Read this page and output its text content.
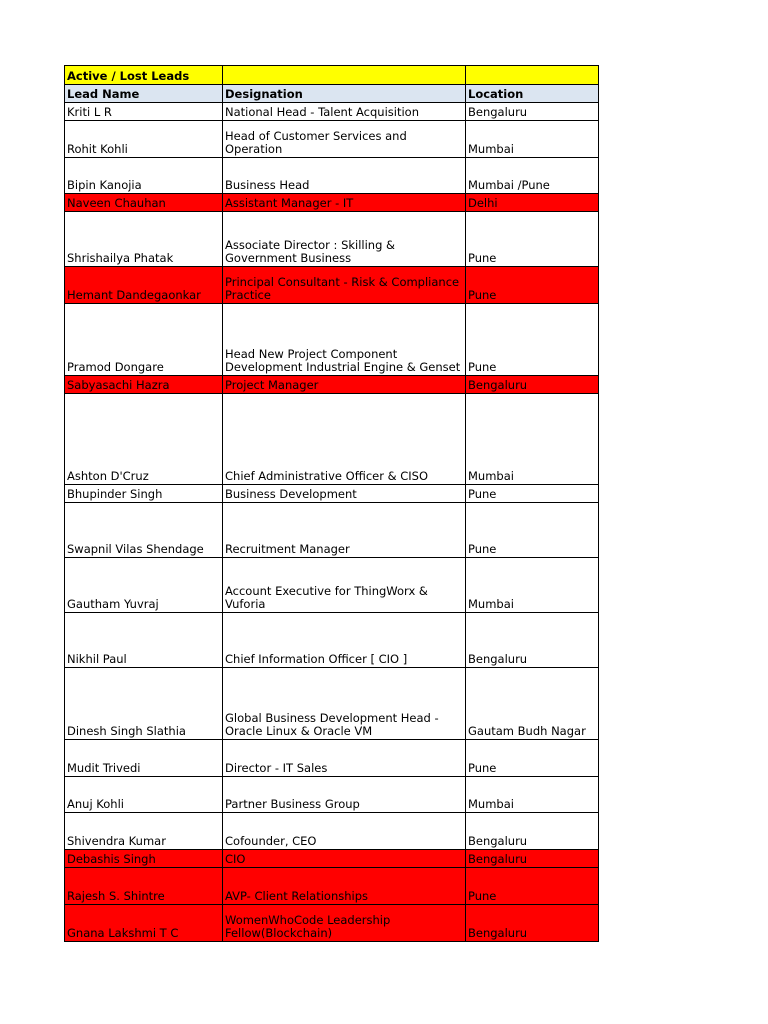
Active / Lost Leads		
Lead Name	Designation	Location
Kriti L R	National Head - Talent Acquisition	Bengaluru
Rohit Kohli	Head of Customer Services and Operation	Mumbai
Bipin Kanojia	Business Head	Mumbai /Pune
Naveen Chauhan	Assistant Manager - IT	Delhi
Shrishailya Phatak	Associate Director : Skilling & Government Business	Pune
Hemant Dandegaonkar	Principal Consultant - Risk & Compliance Practice	Pune
Pramod Dongare	Head New Project Component Development Industrial Engine & Genset	Pune
Sabyasachi Hazra	Project Manager	Bengaluru
Ashton D'Cruz	Chief Administrative Officer & CISO	Mumbai
Bhupinder Singh	Business Development	Pune
Swapnil Vilas Shendage	Recruitment Manager	Pune
Gautham Yuvraj	Account Executive for ThingWorx & Vuforia	Mumbai
Nikhil Paul	Chief Information Officer [ CIO ]	Bengaluru
Dinesh Singh Slathia	Global Business Development Head - Oracle Linux & Oracle VM	Gautam Budh Nagar
Mudit Trivedi	Director - IT Sales	Pune
Anuj Kohli	Partner Business Group	Mumbai
Shivendra Kumar	Cofounder, CEO	Bengaluru
Debashis Singh	CIO	Bengaluru
Rajesh S. Shintre	AVP- Client Relationships	Pune
Gnana Lakshmi T C	WomenWhoCode Leadership Fellow(Blockchain)	Bengaluru
